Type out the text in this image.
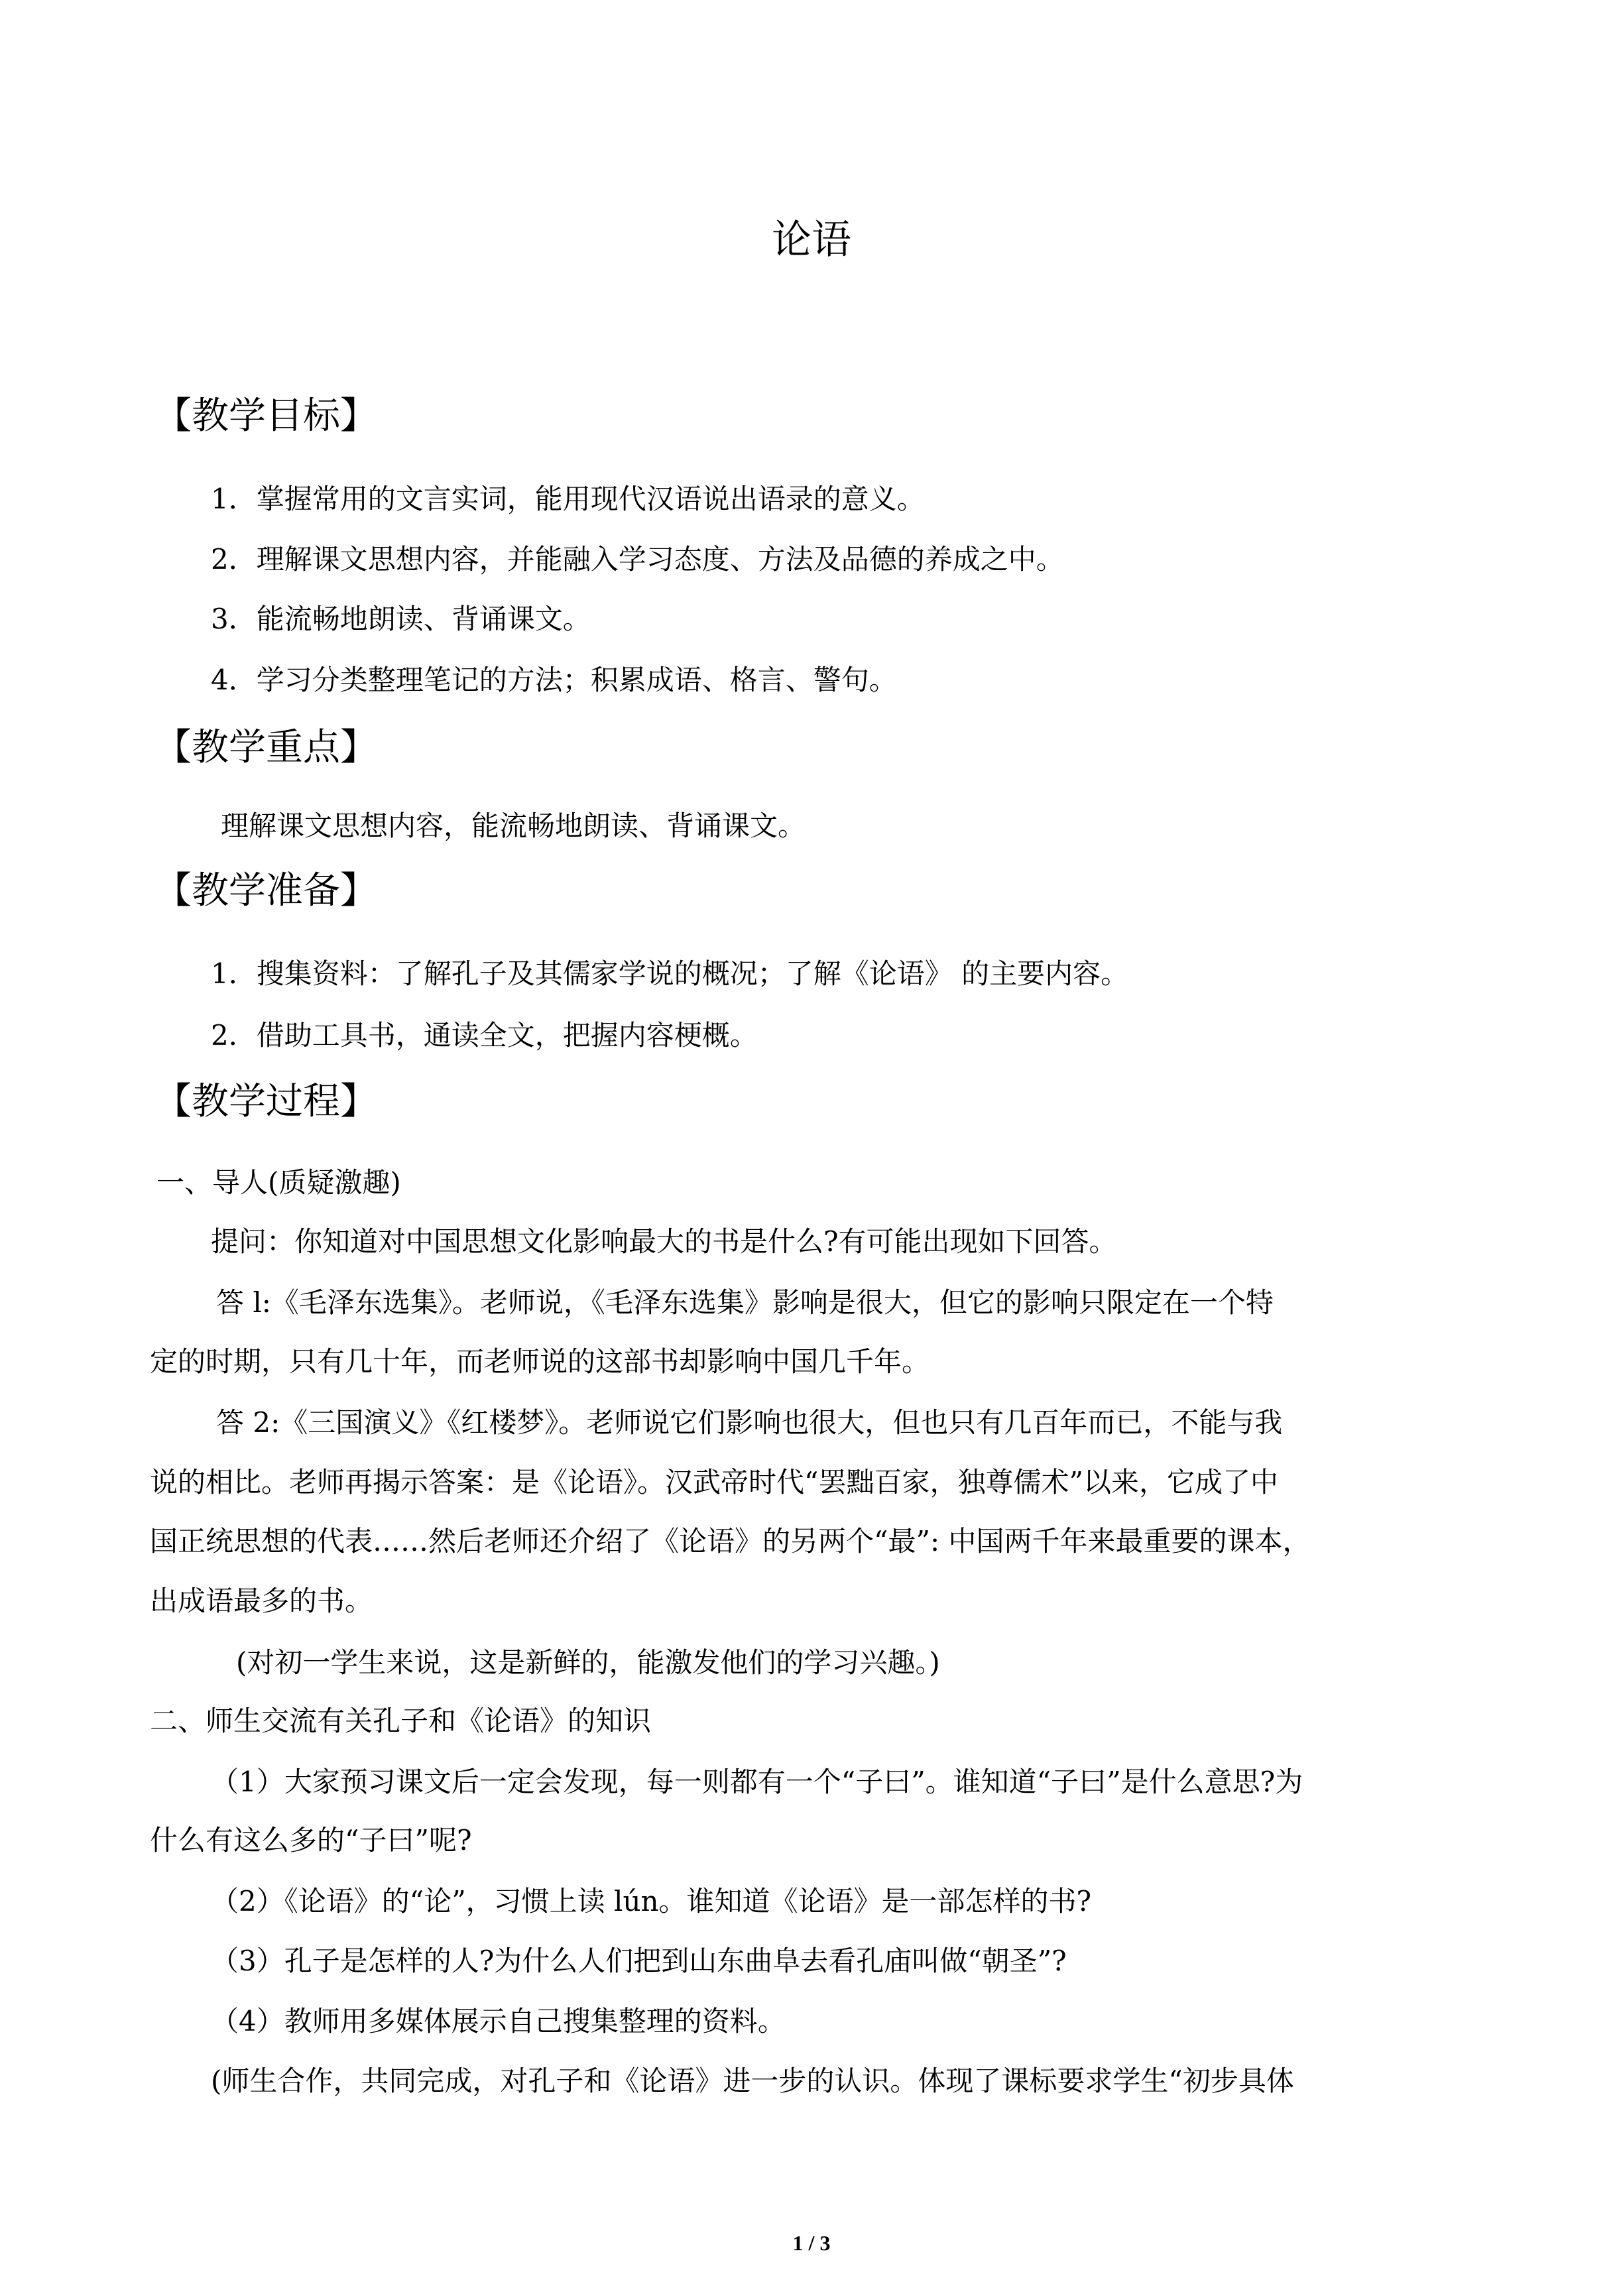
论语
【教学目标】
1．掌握常用的文言实词，能用现代汉语说出语录的意义。
2．理解课文思想内容，并能融入学习态度、方法及品德的养成之中。
3．能流畅地朗读、背诵课文。
4．学习分类整理笔记的方法；积累成语、格言、警句。
【教学重点】
理解课文思想内容，能流畅地朗读、背诵课文。
【教学准备】
1．搜集资料：了解孔子及其儒家学说的概况；了解《论语》 的主要内容。
2．借助工具书，通读全文，把握内容梗概。
【教学过程】
一、导人(质疑激趣)
提问：你知道对中国思想文化影响最大的书是什么?有可能出现如下回答。
答 l:《毛泽东选集》。老师说，《毛泽东选集》影响是很大，但它的影响只限定在一个特
定的时期，只有几十年，而老师说的这部书却影响中国几千年。
答 2:《三国演义》《红楼梦》。老师说它们影响也很大，但也只有几百年而已，不能与我
说的相比。老师再揭示答案：是《论语》。汉武帝时代“罢黜百家，独尊儒术”以来，它成了中
国正统思想的代表……然后老师还介绍了《论语》的另两个“最”: 中国两千年来最重要的课本，
出成语最多的书。
(对初一学生来说，这是新鲜的，能激发他们的学习兴趣。)
二、师生交流有关孔子和《论语》的知识
（1）大家预习课文后一定会发现，每一则都有一个“子曰”。谁知道“子曰”是什么意思?为
什么有这么多的“子曰”呢?
（2）《论语》的“论”，习惯上读 lún。谁知道《论语》是一部怎样的书?
（3）孔子是怎样的人?为什么人们把到山东曲阜去看孔庙叫做“朝圣”?
（4）教师用多媒体展示自己搜集整理的资料。
(师生合作，共同完成，对孔子和《论语》进一步的认识。体现了课标要求学生“初步具体
1 / 3
